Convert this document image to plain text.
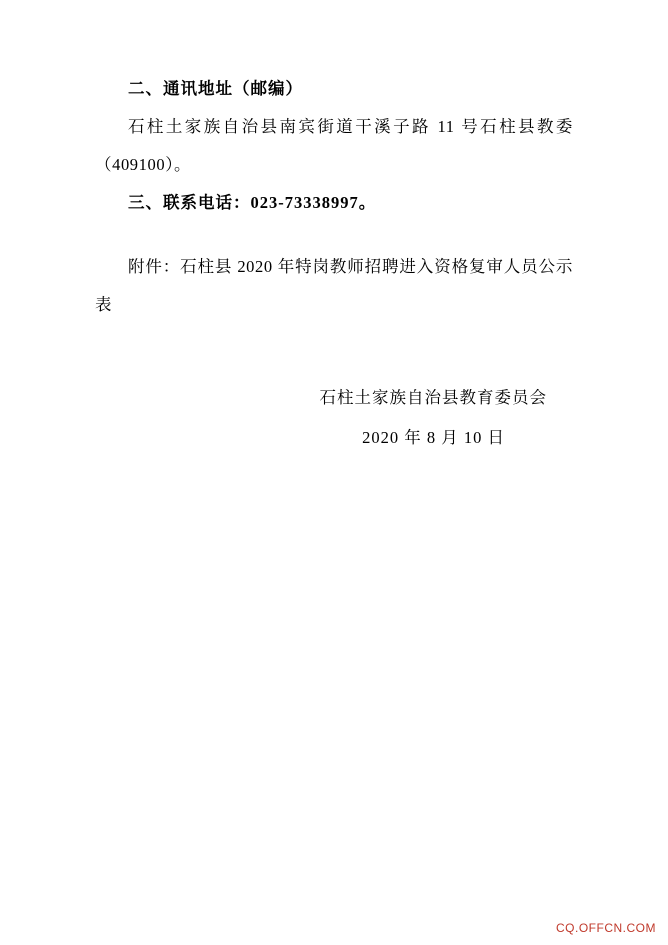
二、通讯地址（邮编）

石柱土家族自治县南宾街道干溪子路 11 号石柱县教委（409100）。

三、联系电话：023-73338997。

附件：石柱县 2020 年特岗教师招聘进入资格复审人员公示表

石柱土家族自治县教育委员会
2020 年 8 月 10 日
CQ.OFFCN.COM
